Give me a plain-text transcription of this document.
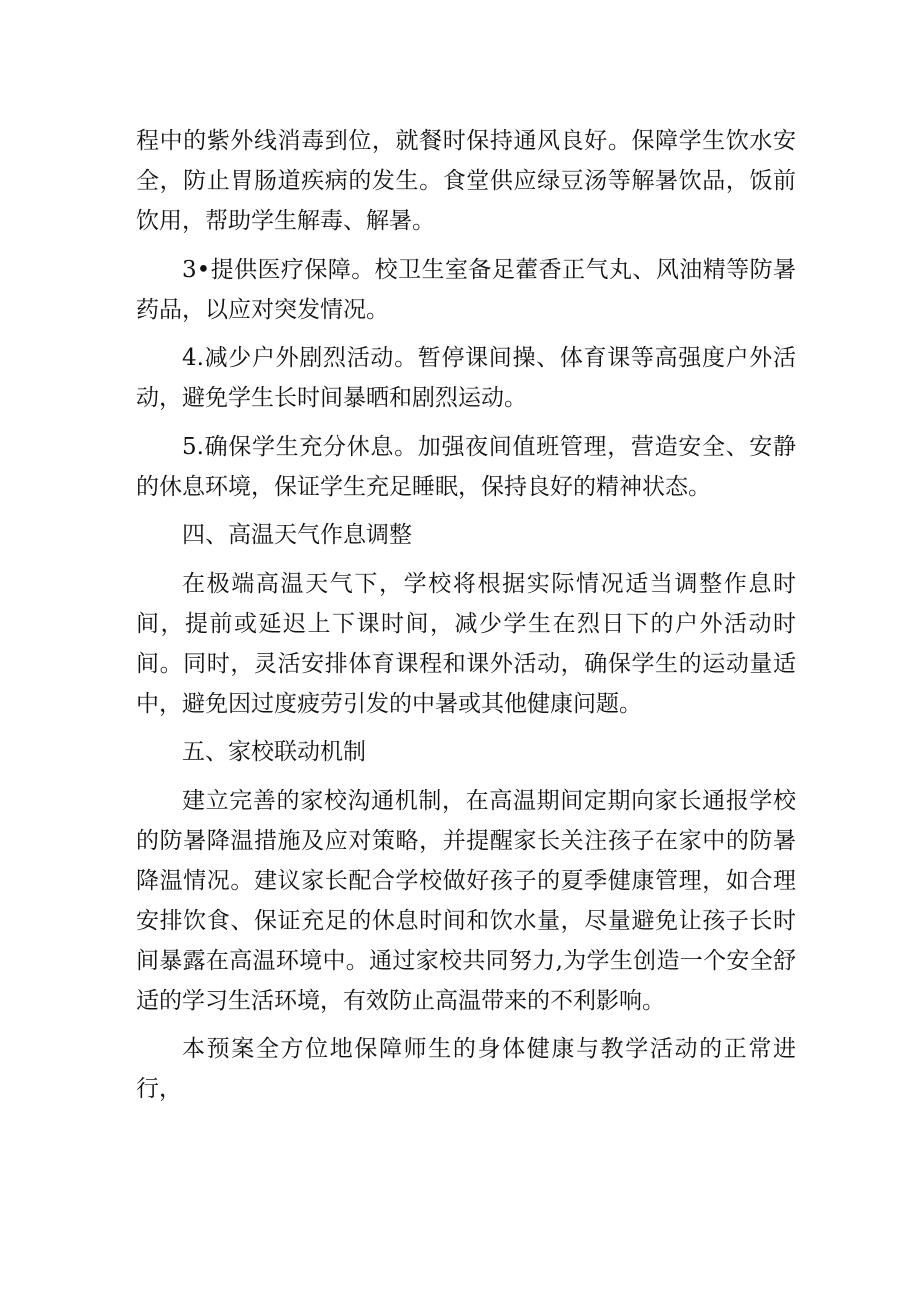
程中的紫外线消毒到位，就餐时保持通风良好。保障学生饮水安全，防止胃肠道疾病的发生。食堂供应绿豆汤等解暑饮品，饭前饮用，帮助学生解毒、解暑。

3•提供医疗保障。校卫生室备足藿香正气丸、风油精等防暑药品，以应对突发情况。

4.减少户外剧烈活动。暂停课间操、体育课等高强度户外活动，避免学生长时间暴晒和剧烈运动。

5.确保学生充分休息。加强夜间值班管理，营造安全、安静的休息环境，保证学生充足睡眠，保持良好的精神状态。

四、高温天气作息调整

在极端高温天气下，学校将根据实际情况适当调整作息时间，提前或延迟上下课时间，减少学生在烈日下的户外活动时间。同时，灵活安排体育课程和课外活动，确保学生的运动量适中，避免因过度疲劳引发的中暑或其他健康问题。

五、家校联动机制

建立完善的家校沟通机制，在高温期间定期向家长通报学校的防暑降温措施及应对策略，并提醒家长关注孩子在家中的防暑降温情况。建议家长配合学校做好孩子的夏季健康管理，如合理安排饮食、保证充足的休息时间和饮水量，尽量避免让孩子长时间暴露在高温环境中。通过家校共同努力,为学生创造一个安全舒适的学习生活环境，有效防止高温带来的不利影响。

本预案全方位地保障师生的身体健康与教学活动的正常进行，
